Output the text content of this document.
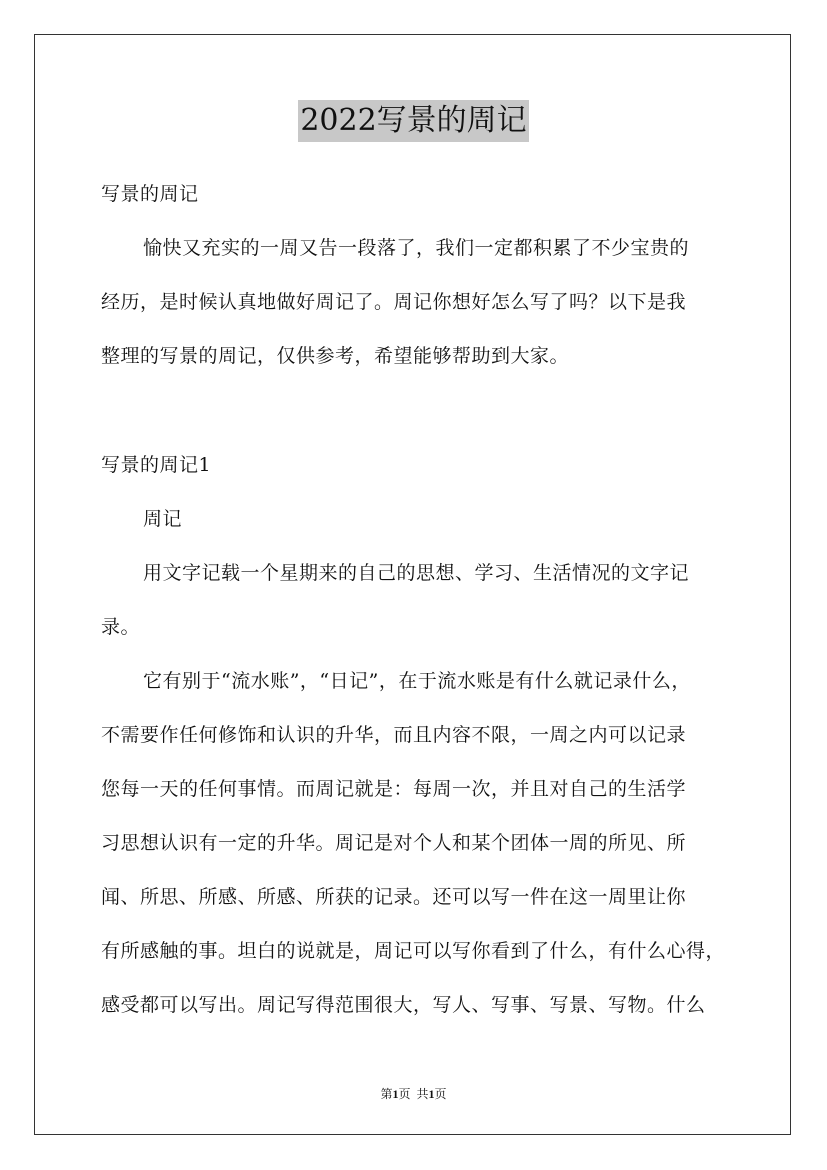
2022写景的周记
写景的周记
愉快又充实的一周又告一段落了，我们一定都积累了不少宝贵的
经历，是时候认真地做好周记了。周记你想好怎么写了吗？以下是我
整理的写景的周记，仅供参考，希望能够帮助到大家。
写景的周记1
周记
用文字记载一个星期来的自己的思想、学习、生活情况的文字记
录。
它有别于“流水账”，“日记”，在于流水账是有什么就记录什么，
不需要作任何修饰和认识的升华，而且内容不限，一周之内可以记录
您每一天的任何事情。而周记就是：每周一次，并且对自己的生活学
习思想认识有一定的升华。周记是对个人和某个团体一周的所见、所
闻、所思、所感、所感、所获的记录。还可以写一件在这一周里让你
有所感触的事。坦白的说就是，周记可以写你看到了什么，有什么心得，
感受都可以写出。周记写得范围很大，写人、写事、写景、写物。什么
第1页  共1页
